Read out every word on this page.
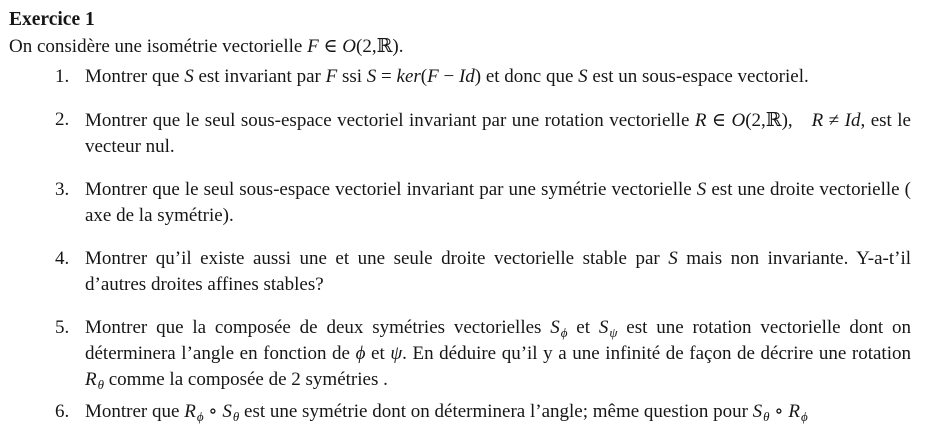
Exercice 1
On considère une isométrie vectorielle F ∈ O(2,ℝ).
1. Montrer que S est invariant par F ssi S = ker(F − Id) et donc que S est un sous-espace vectoriel.
2. Montrer que le seul sous-espace vectoriel invariant par une rotation vectorielle R ∈ O(2,ℝ), R ≠ Id, est le vecteur nul.
3. Montrer que le seul sous-espace vectoriel invariant par une symétrie vectorielle S est une droite vectorielle ( axe de la symétrie).
4. Montrer qu’il existe aussi une et une seule droite vectorielle stable par S mais non invariante. Y-a-t’il d’autres droites affines stables?
5. Montrer que la composée de deux symétries vectorielles $S_\phi$ et $S_\psi$ est une rotation vectorielle dont on déterminera l’angle en fonction de ϕ et ψ. En déduire qu’il y a une infinité de façon de décrire une rotation $R_\theta$ comme la composée de 2 symétries .
6. Montrer que $R_\phi$ ∘ $S_\theta$ est une symétrie dont on déterminera l’angle; même question pour $S_\theta$ ∘ $R_\phi$
